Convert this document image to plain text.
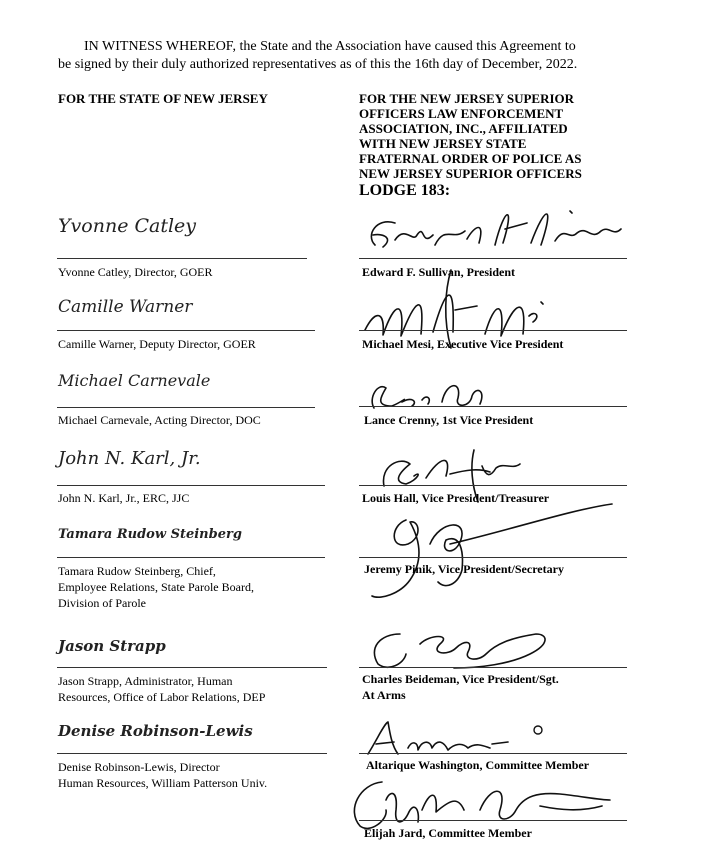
IN WITNESS WHEREOF, the State and the Association have caused this Agreement to
be signed by their duly authorized representatives as of this the 16th day of December, 2022.
FOR THE STATE OF NEW JERSEY	FOR THE NEW JERSEY SUPERIOR
OFFICERS LAW ENFORCEMENT
ASSOCIATION, INC., AFFILIATED
WITH NEW JERSEY STATE
FRATERNAL ORDER OF POLICE AS
NEW JERSEY SUPERIOR OFFICERS
LODGE 183:
Yvonne Catley
Yvonne Catley, Director, GOER
Camille Warner
Camille Warner, Deputy Director, GOER
Michael Carnevale
Michael Carnevale, Acting Director, DOC
John N. Karl, Jr.
John N. Karl, Jr., ERC, JJC
Tamara Rudow Steinberg
Tamara Rudow Steinberg, Chief,
Employee Relations, State Parole Board,
Division of Parole
Jason Strapp
Jason Strapp, Administrator, Human
Resources, Office of Labor Relations, DEP
Denise Robinson-Lewis
Denise Robinson-Lewis, Director
Human Resources, William Patterson Univ.
Edward F. Sullivan, President
Michael Mesi, Executive Vice President
Lance Crenny, 1st Vice President
Louis Hall, Vice President/Treasurer
Jeremy Pinik, Vice President/Secretary
Charles Beideman, Vice President/Sgt.
At Arms
Altarique Washington, Committee Member
Elijah Jard, Committee Member
